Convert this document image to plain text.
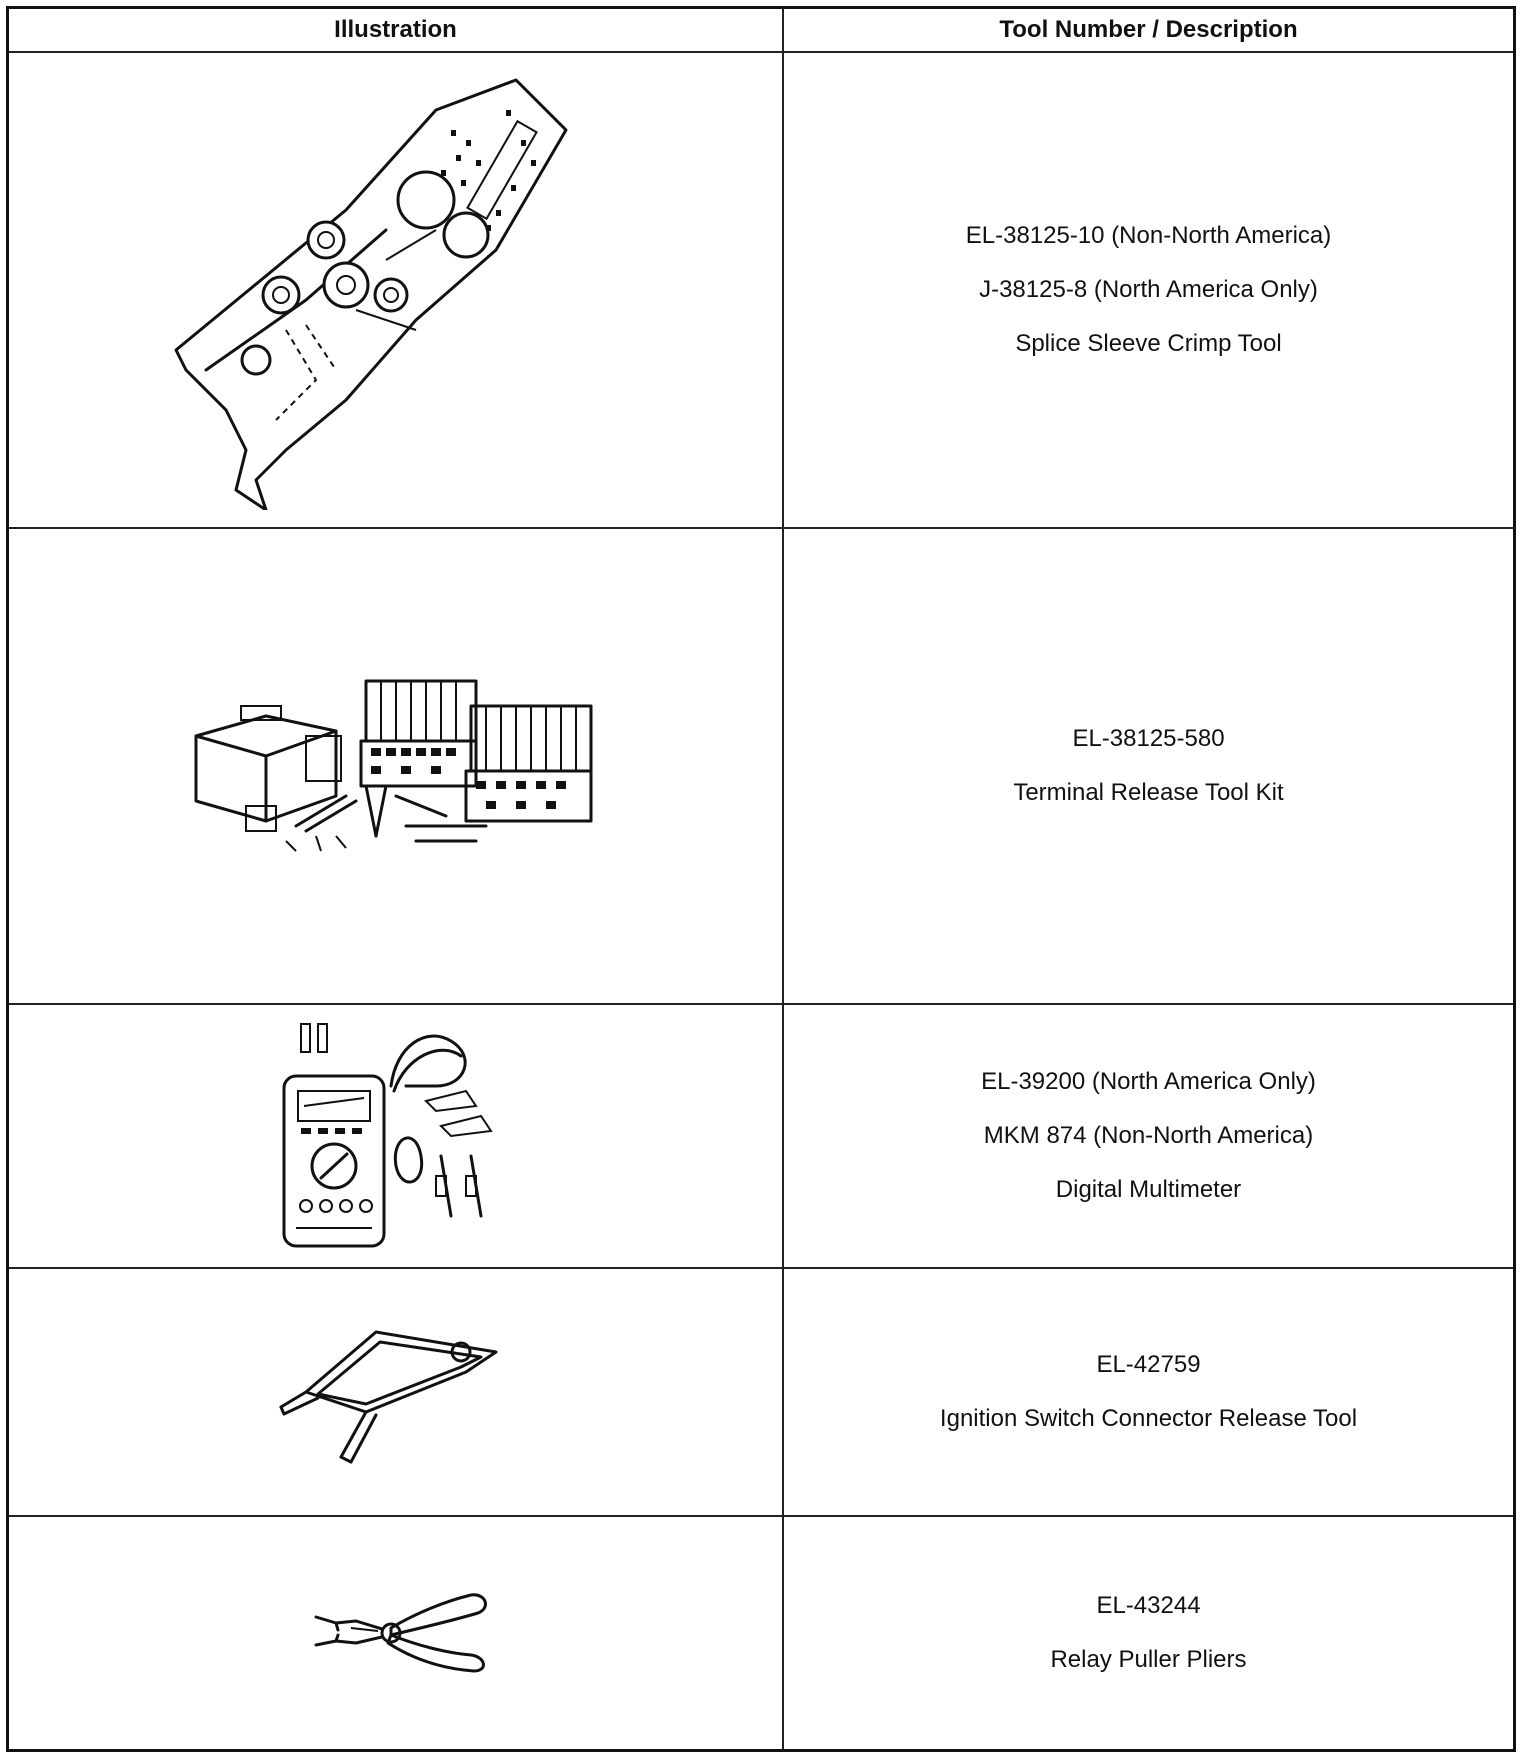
Illustration	Tool Number / Description
EL-38125-10 (Non-North America)
J-38125-8 (North America Only)
Splice Sleeve Crimp Tool
EL-38125-580
Terminal Release Tool Kit
EL-39200 (North America Only)
MKM 874 (Non-North America)
Digital Multimeter
EL-42759
Ignition Switch Connector Release Tool
EL-43244
Relay Puller Pliers
